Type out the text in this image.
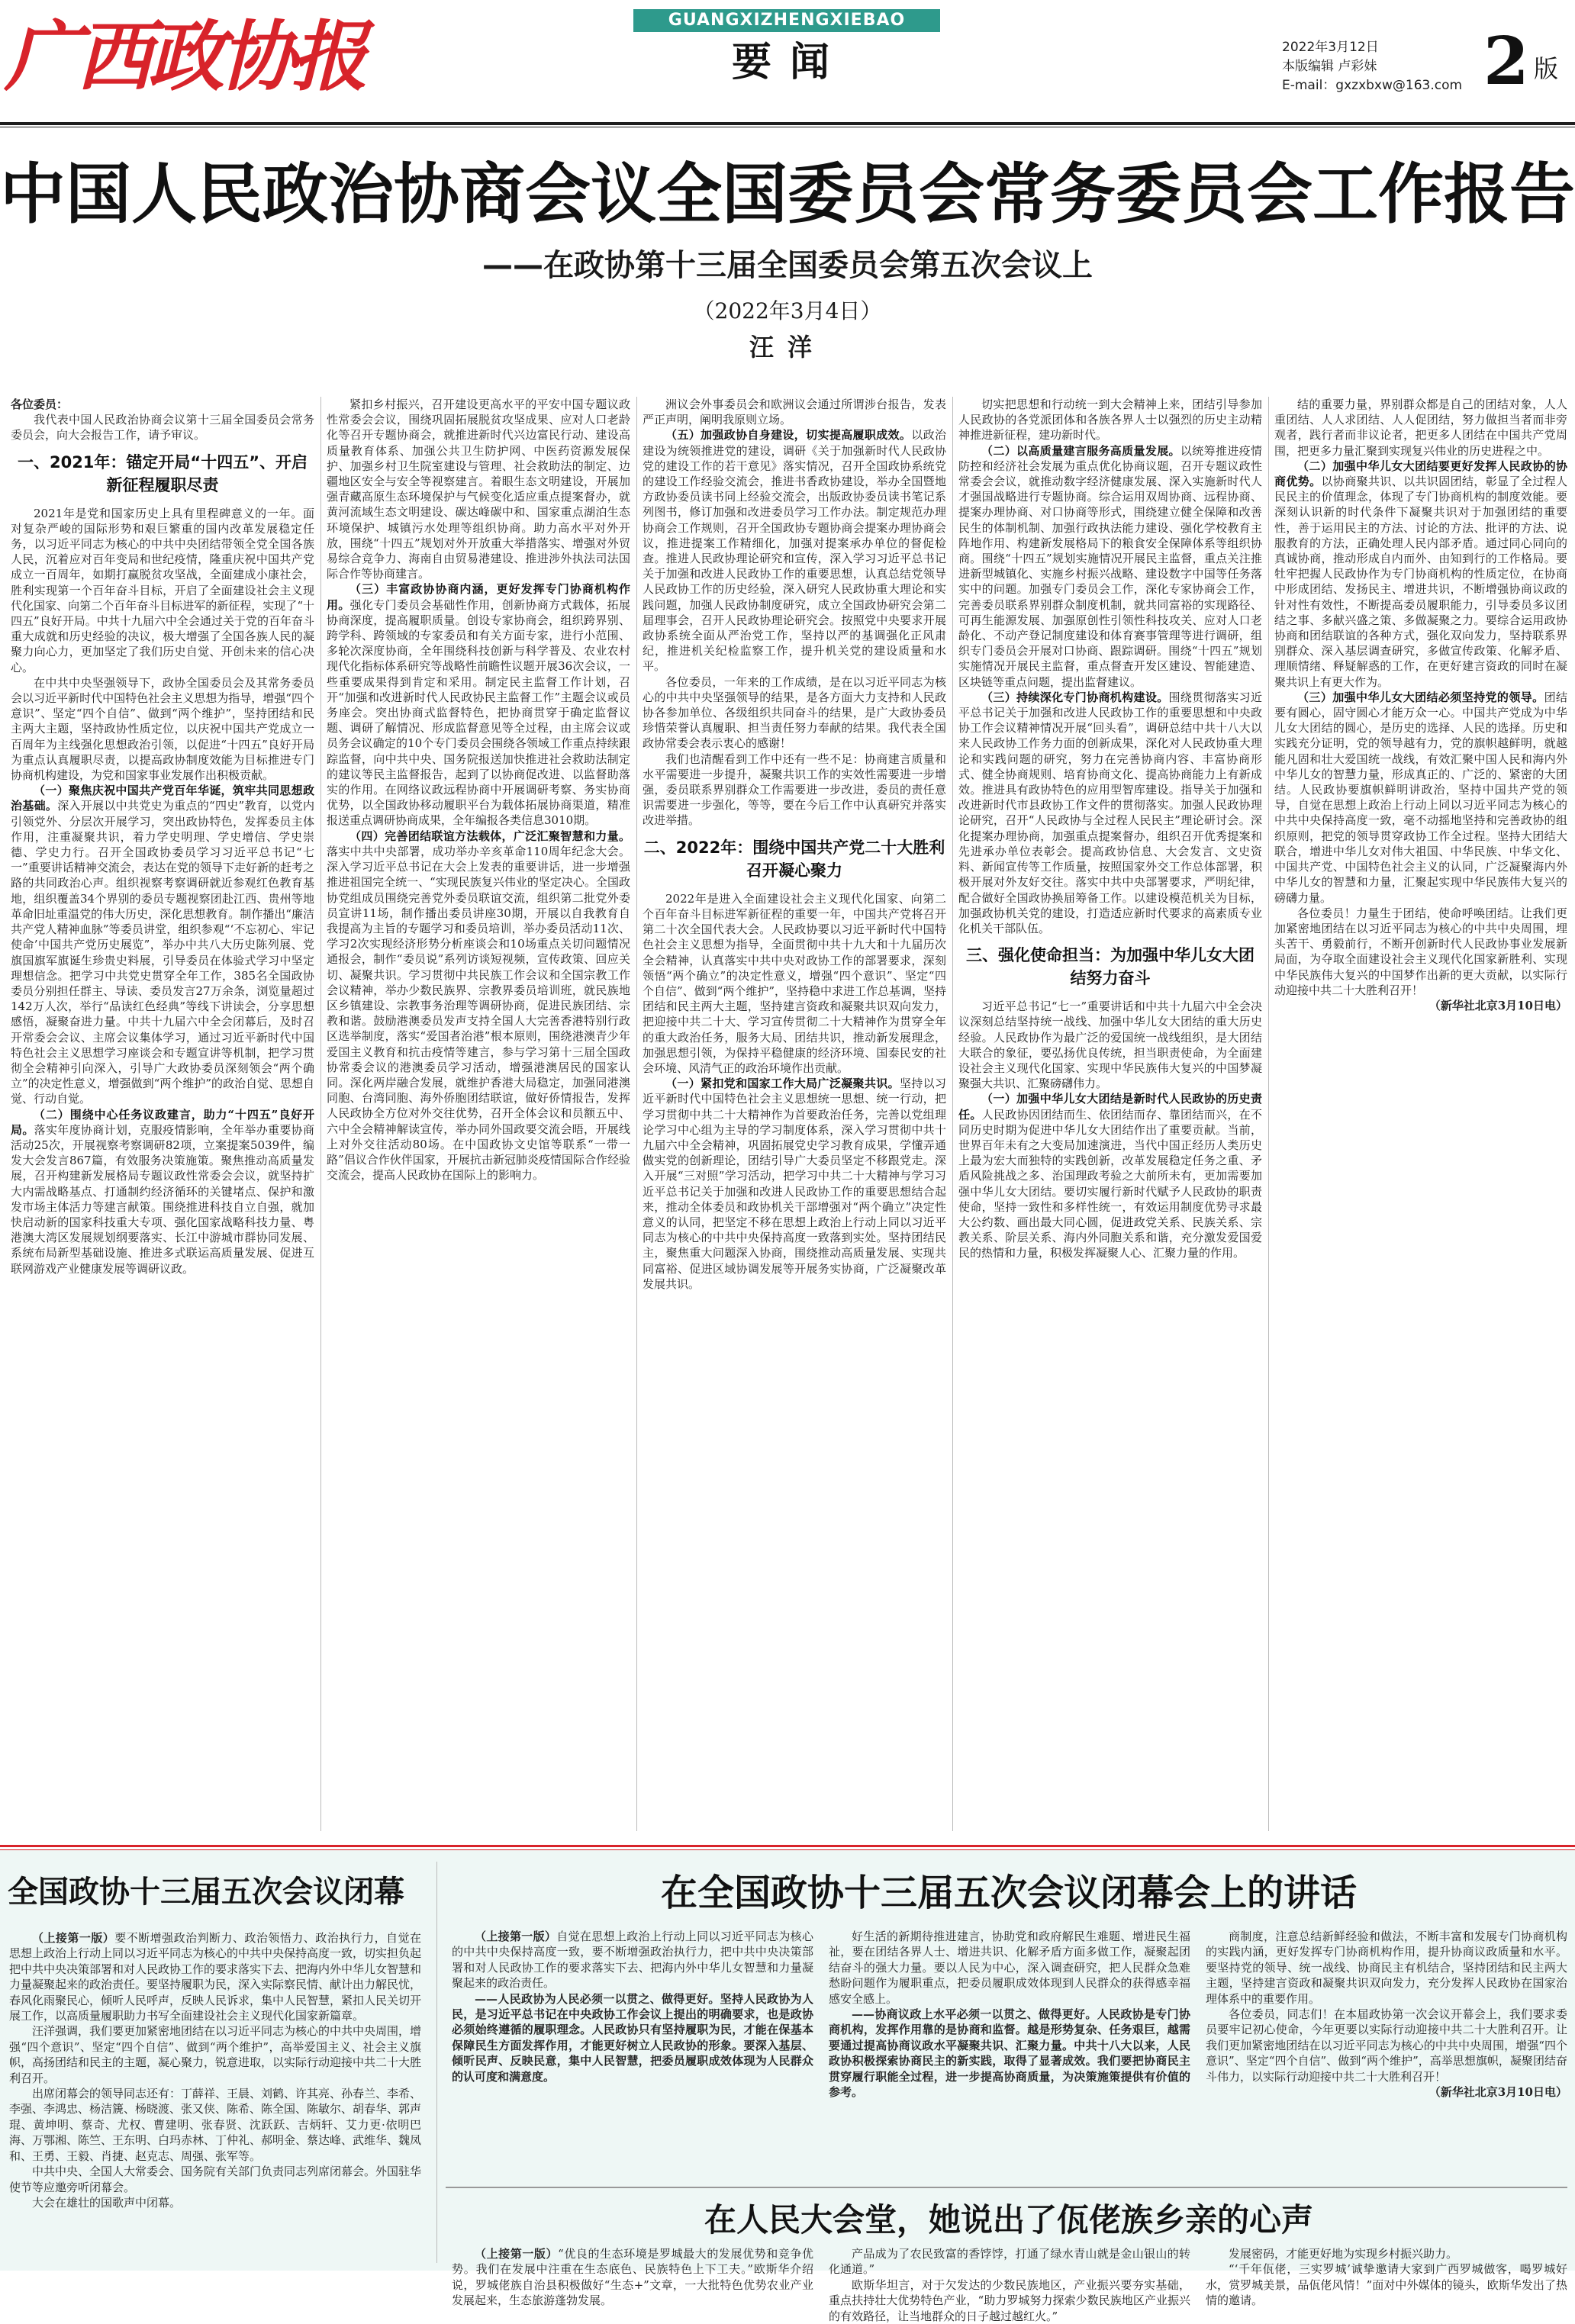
广西政协报	GUANGXIZHENGXIEBAO
要闻	2022年3月12日
本版编辑 卢彩妹
E-mail：gxzxbxw@163.com 2 版
中国人民政治协商会议全国委员会常务委员会工作报告
——在政协第十三届全国委员会第五次会议上
（2022年3月4日）
汪洋

各位委员：

我代表中国人民政治协商会议第十三届全国委员会常务委员会，向大会报告工作，请予审议。

一、2021年：锚定开局“十四五”、开启新征程履职尽责

2021年是党和国家历史上具有里程碑意义的一年。面对复杂严峻的国际形势和艰巨繁重的国内改革发展稳定任务，以习近平同志为核心的中共中央团结带领全党全国各族人民，沉着应对百年变局和世纪疫情，隆重庆祝中国共产党成立一百周年，如期打赢脱贫攻坚战，全面建成小康社会，胜利实现第一个百年奋斗目标，开启了全面建设社会主义现代化国家、向第二个百年奋斗目标进军的新征程，实现了“十四五”良好开局。中共十九届六中全会通过关于党的百年奋斗重大成就和历史经验的决议，极大增强了全国各族人民的凝聚力向心力，更加坚定了我们历史自觉、开创未来的信心决心。

在中共中央坚强领导下，政协全国委员会及其常务委员会以习近平新时代中国特色社会主义思想为指导，增强“四个意识”、坚定“四个自信”、做到“两个维护”，坚持团结和民主两大主题，坚持政协性质定位，以庆祝中国共产党成立一百周年为主线强化思想政治引领，以促进“十四五”良好开局为重点认真履职尽责，以提高政协制度效能为目标推进专门协商机构建设，为党和国家事业发展作出积极贡献。

（一）聚焦庆祝中国共产党百年华诞，筑牢共同思想政治基础。深入开展以中共党史为重点的“四史”教育，以党内引领党外、分层次开展学习，突出政协特色，发挥委员主体作用，注重凝聚共识，着力学史明理、学史增信、学史崇德、学史力行。召开全国政协委员学习习近平总书记“七一”重要讲话精神交流会，表达在党的领导下走好新的赶考之路的共同政治心声。组织视察考察调研就近参观红色教育基地，组织覆盖34个界别的委员专题视察团赴江西、贵州等地革命旧址重温党的伟大历史，深化思想教育。制作播出“廉洁共产党人精神血脉”等委员讲堂，组织参观“‘不忘初心、牢记使命’中国共产党历史展览”，举办中共八大历史陈列展、党旗国旗军旗诞生珍贵史料展，引导委员在体验式学习中坚定理想信念。把学习中共党史贯穿全年工作，385名全国政协委员分别担任群主、导读、委员发言27万余条，浏览量超过142万人次，举行“品读红色经典”等线下讲读会，分享思想感悟，凝聚奋进力量。中共十九届六中全会闭幕后，及时召开常委会会议、主席会议集体学习，通过习近平新时代中国特色社会主义思想学习座谈会和专题宣讲等机制，把学习贯彻全会精神引向深入，引导广大政协委员深刻领会“两个确立”的决定性意义，增强做到“两个维护”的政治自觉、思想自觉、行动自觉。

（二）围绕中心任务议政建言，助力“十四五”良好开局。落实年度协商计划，克服疫情影响，全年举办重要协商活动25次，开展视察考察调研82项，立案提案5039件，编发大会发言867篇，有效服务决策施策。聚焦推动高质量发展，召开构建新发展格局专题议政性常委会会议，就坚持扩大内需战略基点、打通制约经济循环的关键堵点、保护和激发市场主体活力等建言献策。围绕推进科技自立自强，就加快启动新的国家科技重大专项、强化国家战略科技力量、粤港澳大湾区发展规划纲要落实、长江中游城市群协同发展、系统布局新型基础设施、推进多式联运高质量发展、促进互联网游戏产业健康发展等调研议政。

紧扣乡村振兴，召开建设更高水平的平安中国专题议政性常委会会议，围绕巩固拓展脱贫攻坚成果、应对人口老龄化等召开专题协商会，就推进新时代兴边富民行动、建设高质量教育体系、加强公共卫生防护网、中医药资源发展保护、加强乡村卫生院室建设与管理、社会救助法的制定、边疆地区安全与安全等视察建言。着眼生态文明建设，开展加强青藏高原生态环境保护与气候变化适应重点提案督办，就黄河流域生态文明建设、碳达峰碳中和、国家重点湖泊生态环境保护、城镇污水处理等组织协商。助力高水平对外开放，围绕“十四五”规划对外开放重大举措落实、增强对外贸易综合竞争力、海南自由贸易港建设、推进涉外执法司法国际合作等协商建言。

（三）丰富政协协商内涵，更好发挥专门协商机构作用。强化专门委员会基础性作用，创新协商方式载体，拓展协商深度，提高履职质量。创设专家协商会，组织跨界别、跨学科、跨领域的专家委员和有关方面专家，进行小范围、多轮次深度协商，全年围绕科技创新与科学普及、农业农村现代化指标体系研究等战略性前瞻性议题开展36次会议，一些重要成果得到肯定和采用。制定民主监督工作计划，召开“加强和改进新时代人民政协民主监督工作”主题会议或员务座会。突出协商式监督特色，把协商贯穿于确定监督议题、调研了解情况、形成监督意见等全过程，由主席会议或员务会议确定的10个专门委员会围绕各领域工作重点持续跟踪监督，向中共中央、国务院报送加快推进社会救助法制定的建议等民主监督报告，起到了以协商促改进、以监督助落实的作用。在网络议政远程协商中开展调研考察、务实协商优势，以全国政协移动履职平台为载体拓展协商渠道，精准报送重点调研协商成果，全年编报各类信息3010期。

（四）完善团结联谊方法载体，广泛汇聚智慧和力量。落实中共中央部署，成功举办辛亥革命110周年纪念大会。深入学习近平总书记在大会上发表的重要讲话，进一步增强推进祖国完全统一、“实现民族复兴伟业的坚定决心。全国政协党组成员围绕完善党外委员联谊交流，组织第二批党外委员宣讲11场，制作播出委员讲座30期，开展以自我教育自我提高为主旨的专题学习和委员培训，举办委员活动11次、学习2次实现经济形势分析座谈会和10场重点关切问题情况通报会，制作“委员说”系列访谈短视频，宣传政策、回应关切、凝聚共识。学习贯彻中共民族工作会议和全国宗教工作会议精神，举办少数民族界、宗教界委员培训班，就民族地区乡镇建设、宗教事务治理等调研协商，促进民族团结、宗教和谐。鼓励港澳委员发声支持全国人大完善香港特别行政区选举制度，落实“爱国者治港”根本原则，围绕港澳青少年爱国主义教育和抗击疫情等建言，参与学习第十三届全国政协常委会议的港澳委员学习活动，增强港澳居民的国家认同。深化两岸融合发展，就维护香港大局稳定，加强同港澳同胞、台湾同胞、海外侨胞团结联谊，做好侨情报告，发挥人民政协全方位对外交往优势，召开全体会议和员额五中、六中全会精神解读宣传，举办同外国政要交流会晤，开展线上对外交往活动80场。在中国政协文史馆等联系“一带一路”倡议合作伙伴国家，开展抗击新冠肺炎疫情国际合作经验交流会，提高人民政协在国际上的影响力。

洲议会外事委员会和欧洲议会通过所谓涉台报告，发表严正声明，阐明我原则立场。

（五）加强政协自身建设，切实提高履职成效。以政治建设为统领推进党的建设，调研《关于加强新时代人民政协党的建设工作的若干意见》落实情况，召开全国政协系统党的建设工作经验交流会，推进书香政协建设，举办全国暨地方政协委员读书同上经验交流会，出版政协委员读书笔记系列图书，修订加强和改进委员学习工作办法。制定规范办理协商会工作规则，召开全国政协专题协商会提案办理协商会议，推进提案工作精细化，加强对提案承办单位的督促检查。推进人民政协理论研究和宣传，深入学习习近平总书记关于加强和改进人民政协工作的重要思想，认真总结党领导人民政协工作的历史经验，深入研究人民政协重大理论和实践问题，加强人民政协制度研究，成立全国政协研究会第二届理事会，召开人民政协理论研究会。按照党中央要求开展政协系统全面从严治党工作，坚持以严的基调强化正风肃纪，推进机关纪检监察工作，提升机关党的建设质量和水平。

各位委员，一年来的工作成绩，是在以习近平同志为核心的中共中央坚强领导的结果，是各方面大力支持和人民政协各参加单位、各级组织共同奋斗的结果，是广大政协委员珍惜荣誉认真履职、担当责任努力奉献的结果。我代表全国政协常委会表示衷心的感谢！

我们也清醒看到工作中还有一些不足：协商建言质量和水平需要进一步提升，凝聚共识工作的实效性需要进一步增强，委员联系界别群众工作需要进一步改进，委员的责任意识需要进一步强化，等等，要在今后工作中认真研究并落实改进举措。

二、2022年：围绕中国共产党二十大胜利召开凝心聚力

2022年是进入全面建设社会主义现代化国家、向第二个百年奋斗目标进军新征程的重要一年，中国共产党将召开第二十次全国代表大会。人民政协要以习近平新时代中国特色社会主义思想为指导，全面贯彻中共十九大和十九届历次全会精神，认真落实中共中央对政协工作的部署要求，深刻领悟“两个确立”的决定性意义，增强“四个意识”、坚定“四个自信”、做到“两个维护”，坚持稳中求进工作总基调，坚持团结和民主两大主题，坚持建言资政和凝聚共识双向发力，把迎接中共二十大、学习宣传贯彻二十大精神作为贯穿全年的重大政治任务，服务大局、团结共识，推动新发展理念，加强思想引领，为保持平稳健康的经济环境、国泰民安的社会环境、风清气正的政治环境作出贡献。

（一）紧扣党和国家工作大局广泛凝聚共识。坚持以习近平新时代中国特色社会主义思想统一思想、统一行动，把学习贯彻中共二十大精神作为首要政治任务，完善以党组理论学习中心组为主导的学习制度体系，深入学习贯彻中共十九届六中全会精神，巩固拓展党史学习教育成果，学懂弄通做实党的创新理论，团结引导广大委员坚定不移跟党走。深入开展“三对照”学习活动，把学习中共二十大精神与学习习近平总书记关于加强和改进人民政协工作的重要思想结合起来，推动全体委员和政协机关干部增强对“两个确立”决定性意义的认同，把坚定不移在思想上政治上行动上同以习近平同志为核心的中共中央保持高度一致落到实处。坚持团结民主，聚焦重大问题深入协商，围绕推动高质量发展、实现共同富裕、促进区域协调发展等开展务实协商，广泛凝聚改革发展共识。

切实把思想和行动统一到大会精神上来，团结引导参加人民政协的各党派团体和各族各界人士以强烈的历史主动精神推进新征程，建功新时代。

（二）以高质量建言服务高质量发展。以统筹推进疫情防控和经济社会发展为重点优化协商议题，召开专题议政性常委会会议，就推动数字经济健康发展、深入实施新时代人才强国战略进行专题协商。综合运用双周协商、远程协商、提案办理协商、对口协商等形式，围绕建立健全保障和改善民生的体制机制、加强行政执法能力建设、强化学校教育主阵地作用、构建新发展格局下的粮食安全保障体系等组织协商。围绕“十四五”规划实施情况开展民主监督，重点关注推进新型城镇化、实施乡村振兴战略、建设数字中国等任务落实中的问题。加强专门委员会工作，深化专家协商会工作，完善委员联系界别群众制度机制，就共同富裕的实现路径、可再生能源发展、加强原创性引领性科技攻关、应对人口老龄化、不动产登记制度建设和体育赛事管理等进行调研，组织专门委员会开展对口协商、跟踪调研。围绕“十四五”规划实施情况开展民主监督，重点督查开发区建设、智能建造、区块链等重点问题，提出监督建议。

（三）持续深化专门协商机构建设。围绕贯彻落实习近平总书记关于加强和改进人民政协工作的重要思想和中央政协工作会议精神情况开展“回头看”，调研总结中共十八大以来人民政协工作务力面的创新成果，深化对人民政协重大理论和实践问题的研究，努力在完善协商内容、丰富协商形式、健全协商规则、培育协商文化、提高协商能力上有新成效。推进具有政协特色的应用型智库建设。指导关于加强和改进新时代市县政协工作文件的贯彻落实。加强人民政协理论研究，召开“人民政协与全过程人民民主”理论研讨会。深化提案办理协商，加强重点提案督办，组织召开优秀提案和先进承办单位表彰会。提高政协信息、大会发言、文史资料、新闻宣传等工作质量，按照国家外交工作总体部署，积极开展对外友好交往。落实中共中央部署要求，严明纪律，配合做好全国政协换届筹备工作。以建设模范机关为目标，加强政协机关党的建设，打造适应新时代要求的高素质专业化机关干部队伍。

三、强化使命担当：为加强中华儿女大团结努力奋斗

习近平总书记“七一”重要讲话和中共十九届六中全会决议深刻总结坚持统一战线、加强中华儿女大团结的重大历史经验。人民政协作为最广泛的爱国统一战线组织，是大团结大联合的象征，要弘扬优良传统，担当职责使命，为全面建设社会主义现代化国家、实现中华民族伟大复兴的中国梦凝聚强大共识、汇聚磅礴伟力。

（一）加强中华儿女大团结是新时代人民政协的历史责任。人民政协因团结而生、依团结而存、靠团结而兴，在不同历史时期为促进中华儿女大团结作出了重要贡献。当前，世界百年未有之大变局加速演进，当代中国正经历人类历史上最为宏大而独特的实践创新，改革发展稳定任务之重、矛盾风险挑战之多、治国理政考验之大前所未有，更加需要加强中华儿女大团结。要切实履行新时代赋予人民政协的职责使命，坚持一致性和多样性统一，有效运用制度优势寻求最大公约数、画出最大同心圆，促进政党关系、民族关系、宗教关系、阶层关系、海内外同胞关系和谐，充分激发爱国爱民的热情和力量，积极发挥凝聚人心、汇聚力量的作用。

结的重要力量，界别群众都是自己的团结对象，人人重团结、人人求团结、人人促团结，努力做担当者而非旁观者，践行者而非议论者，把更多人团结在中国共产党周围，把更多力量汇聚到实现复兴伟业的历史进程之中。

（二）加强中华儿女大团结要更好发挥人民政协的协商优势。以协商聚共识、以共识固团结，彰显了全过程人民民主的价值理念，体现了专门协商机构的制度效能。要深刻认识新的时代条件下凝聚共识对于加强团结的重要性，善于运用民主的方法、讨论的方法、批评的方法、说服教育的方法，正确处理人民内部矛盾。通过同心同向的真诚协商，推动形成自内而外、由知到行的工作格局。要牡牢把握人民政协作为专门协商机构的性质定位，在协商中形成团结、发扬民主、增进共识，不断增强协商议政的针对性有效性，不断提高委员履职能力，引导委员多议团结之事、多献兴盛之策、多做凝聚之力。要综合运用政协协商和团结联谊的各种方式，强化双向发力，坚持联系界别群众、深入基层调查研究，多做宣传政策、化解矛盾、理顺情绪、释疑解惑的工作，在更好建言资政的同时在凝聚共识上有更大作为。

（三）加强中华儿女大团结必须坚持党的领导。团结要有圆心，固守圆心才能万众一心。中国共产党成为中华儿女大团结的圆心，是历史的选择、人民的选择。历史和实践充分证明，党的领导越有力，党的旗帜越鲜明，就越能凡固和壮大爱国统一战线，有效汇聚中国人民和海内外中华儿女的智慧力量，形成真正的、广泛的、紧密的大团结。人民政协要旗帜鲜明讲政治，坚持中国共产党的领导，自觉在思想上政治上行动上同以习近平同志为核心的中共中央保持高度一致，毫不动摇地坚持和完善政协的组织原则，把党的领导贯穿政协工作全过程。坚持大团结大联合，增进中华儿女对伟大祖国、中华民族、中华文化、中国共产党、中国特色社会主义的认同，广泛凝聚海内外中华儿女的智慧和力量，汇聚起实现中华民族伟大复兴的磅礴力量。

各位委员！力量生于团结，使命呼唤团结。让我们更加紧密地团结在以习近平同志为核心的中共中央周围，埋头苦干、勇毅前行，不断开创新时代人民政协事业发展新局面，为夺取全面建设社会主义现代化国家新胜利、实现中华民族伟大复兴的中国梦作出新的更大贡献，以实际行动迎接中共二十大胜利召开！

（新华社北京3月10日电）

全国政协十三届五次会议闭幕

（上接第一版）要不断增强政治判断力、政治领悟力、政治执行力，自觉在思想上政治上行动上同以习近平同志为核心的中共中央保持高度一致，切实担负起把中共中央决策部署和对人民政协工作的要求落实下去、把海内外中华儿女智慧和力量凝聚起来的政治责任。要坚持履职为民，深入实际察民情、献计出力解民忧，春风化雨聚民心，倾听人民呼声，反映人民诉求，集中人民智慧，紧扣人民关切开展工作，以高质量履职助力书写全面建设社会主义现代化国家新篇章。

汪洋强调，我们要更加紧密地团结在以习近平同志为核心的中共中央周围，增强“四个意识”、坚定“四个自信”、做到“两个维护”，高举爱国主义、社会主义旗帜，高扬团结和民主的主题，凝心聚力，锐意进取，以实际行动迎接中共二十大胜利召开。

出席闭幕会的领导同志还有：丁薛祥、王晨、刘鹤、许其亮、孙春兰、李希、李强、李鸿忠、杨洁篪、杨晓渡、张又侠、陈希、陈全国、陈敏尔、胡春华、郭声琨、黄坤明、蔡奇、尤权、曹建明、张春贤、沈跃跃、吉炳轩、艾力更·依明巴海、万鄂湘、陈竺、王东明、白玛赤林、丁仲礼、郝明金、蔡达峰、武维华、魏凤和、王勇、王毅、肖捷、赵克志、周强、张军等。

中共中央、全国人大常委会、国务院有关部门负责同志列席闭幕会。外国驻华使节等应邀旁听闭幕会。

大会在雄壮的国歌声中闭幕。

在全国政协十三届五次会议闭幕会上的讲话

（上接第一版）自觉在思想上政治上行动上同以习近平同志为核心的中共中央保持高度一致，要不断增强政治执行力，把中共中央决策部署和对人民政协工作的要求落实下去、把海内外中华儿女智慧和力量凝聚起来的政治责任。

——人民政协为人民必须一以贯之、做得更好。坚持人民政协为人民，是习近平总书记在中央政协工作会议上提出的明确要求，也是政协必须始终遵循的履职理念。人民政协只有坚持履职为民，才能在保基本保障民生方面发挥作用，才能更好树立人民政协的形象。要深入基层、倾听民声、反映民意，集中人民智慧，把委员履职成效体现为人民群众的认可度和满意度。

好生活的新期待推进建言，协助党和政府解民生难题、增进民生福祉，要在团结各界人士、增进共识、化解矛盾方面多做工作，凝聚起团结奋斗的强大力量。要以人民为中心，深入调查研究，把人民群众急难愁盼问题作为履职重点，把委员履职成效体现到人民群众的获得感幸福感安全感上。

——协商议政上水平必须一以贯之、做得更好。人民政协是专门协商机构，发挥作用靠的是协商和监督。越是形势复杂、任务艰巨，越需要通过提高协商议政水平凝聚共识、汇聚力量。中共十八大以来，人民政协积极探索协商民主的新实践，取得了显著成效。我们要把协商民主贯穿履行职能全过程，进一步提高协商质量，为决策施策提供有价值的参考。

商制度，注意总结新鲜经验和做法，不断丰富和发展专门协商机构的实践内涵，更好发挥专门协商机构作用，提升协商议政质量和水平。要坚持党的领导、统一战线、协商民主有机结合，坚持团结和民主两大主题，坚持建言资政和凝聚共识双向发力，充分发挥人民政协在国家治理体系中的重要作用。

各位委员，同志们！在本届政协第一次会议开幕会上，我们要求委员要牢记初心使命，今年更要以实际行动迎接中共二十大胜利召开。让我们更加紧密地团结在以习近平同志为核心的中共中央周围，增强“四个意识”、坚定“四个自信”、做到“两个维护”，高举思想旗帜，凝聚团结奋斗伟力，以实际行动迎接中共二十大胜利召开！

（新华社北京3月10日电）

在人民大会堂，她说出了佤佬族乡亲的心声

（上接第一版）“优良的生态环境是罗城最大的发展优势和竞争优势。我们在发展中注重在生态底色、民族特色上下工夫。”欧斯华介绍说，罗城佬族自治县积极做好“生态+”文章，一大批特色优势农业产业发展起来，生态旅游蓬勃发展。

产品成为了农民致富的香饽饽，打通了绿水青山就是金山银山的转化通道。”

欧斯华坦言，对于欠发达的少数民族地区，产业振兴要夯实基础，重点扶持壮大优势特色产业，“助力罗城努力探索少数民族地区产业振兴的有效路径，让当地群众的日子越过越红火。”

发展密码，才能更好地为实现乡村振兴助力。

“‘千年佤佬，三实罗城’诚挚邀请大家到广西罗城做客，喝罗城好水，赏罗城美景，品佤佬风情！”面对中外媒体的镜头，欧斯华发出了热情的邀请。
